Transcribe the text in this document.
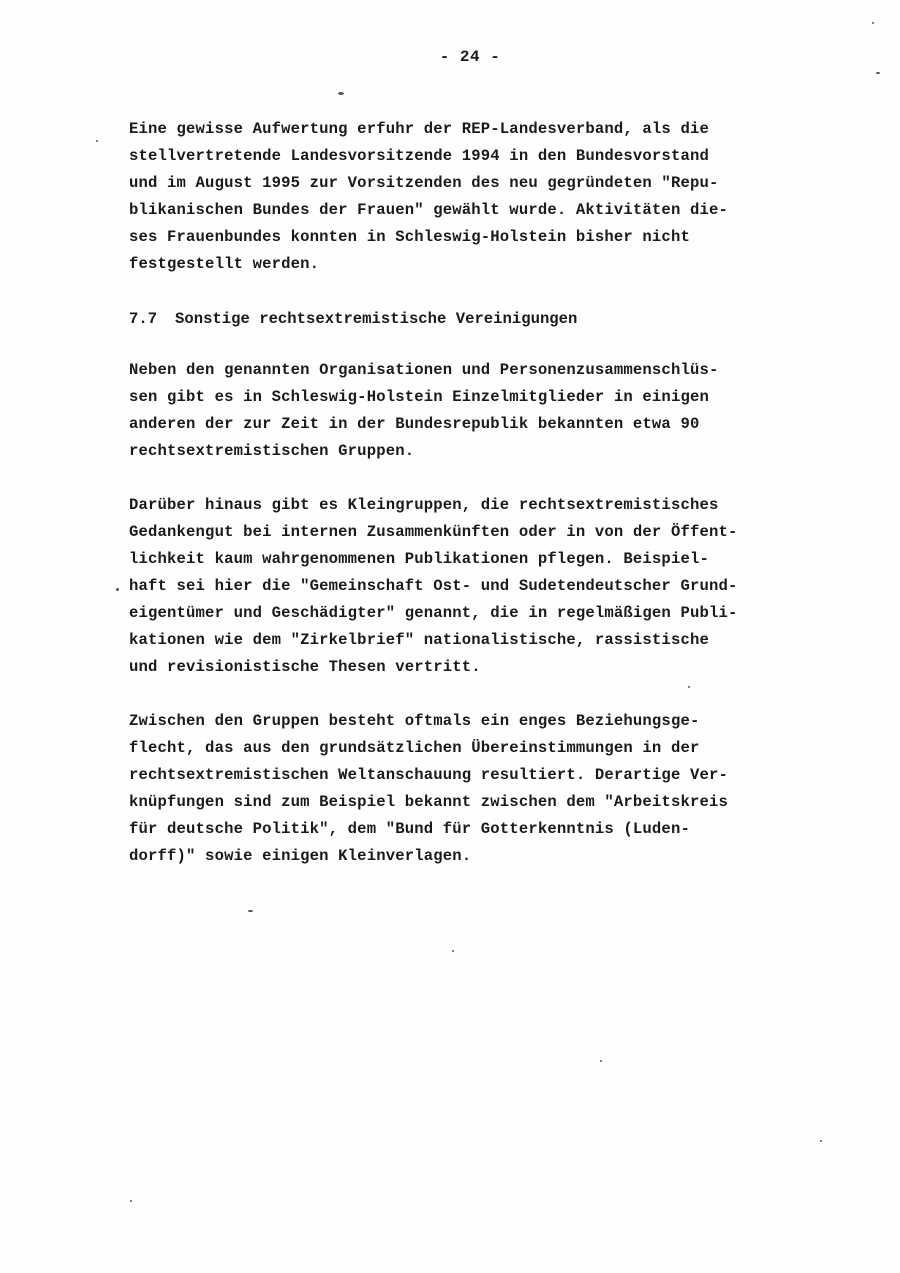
- 24 -
Eine gewisse Aufwertung erfuhr der REP-Landesverband, als die
stellvertretende Landesvorsitzende 1994 in den Bundesvorstand
und im August 1995 zur Vorsitzenden des neu gegründeten "Repu-
blikanischen Bundes der Frauen" gewählt wurde. Aktivitäten die-
ses Frauenbundes konnten in Schleswig-Holstein bisher nicht
festgestellt werden.
7.7 Sonstige rechtsextremistische Vereinigungen
Neben den genannten Organisationen und Personenzusammenschlüs-
sen gibt es in Schleswig-Holstein Einzelmitglieder in einigen
anderen der zur Zeit in der Bundesrepublik bekannten etwa 90
rechtsextremistischen Gruppen.
Darüber hinaus gibt es Kleingruppen, die rechtsextremistisches
Gedankengut bei internen Zusammenkünften oder in von der Öffent-
lichkeit kaum wahrgenommenen Publikationen pflegen. Beispiel-
haft sei hier die "Gemeinschaft Ost- und Sudetendeutscher Grund-
eigentümer und Geschädigter" genannt, die in regelmäßigen Publi-
kationen wie dem "Zirkelbrief" nationalistische, rassistische
und revisionistische Thesen vertritt.
Zwischen den Gruppen besteht oftmals ein enges Beziehungsge-
flecht, das aus den grundsätzlichen Übereinstimmungen in der
rechtsextremistischen Weltanschauung resultiert. Derartige Ver-
knüpfungen sind zum Beispiel bekannt zwischen dem "Arbeitskreis
für deutsche Politik", dem "Bund für Gotterkenntnis (Luden-
dorff)" sowie einigen Kleinverlagen.
